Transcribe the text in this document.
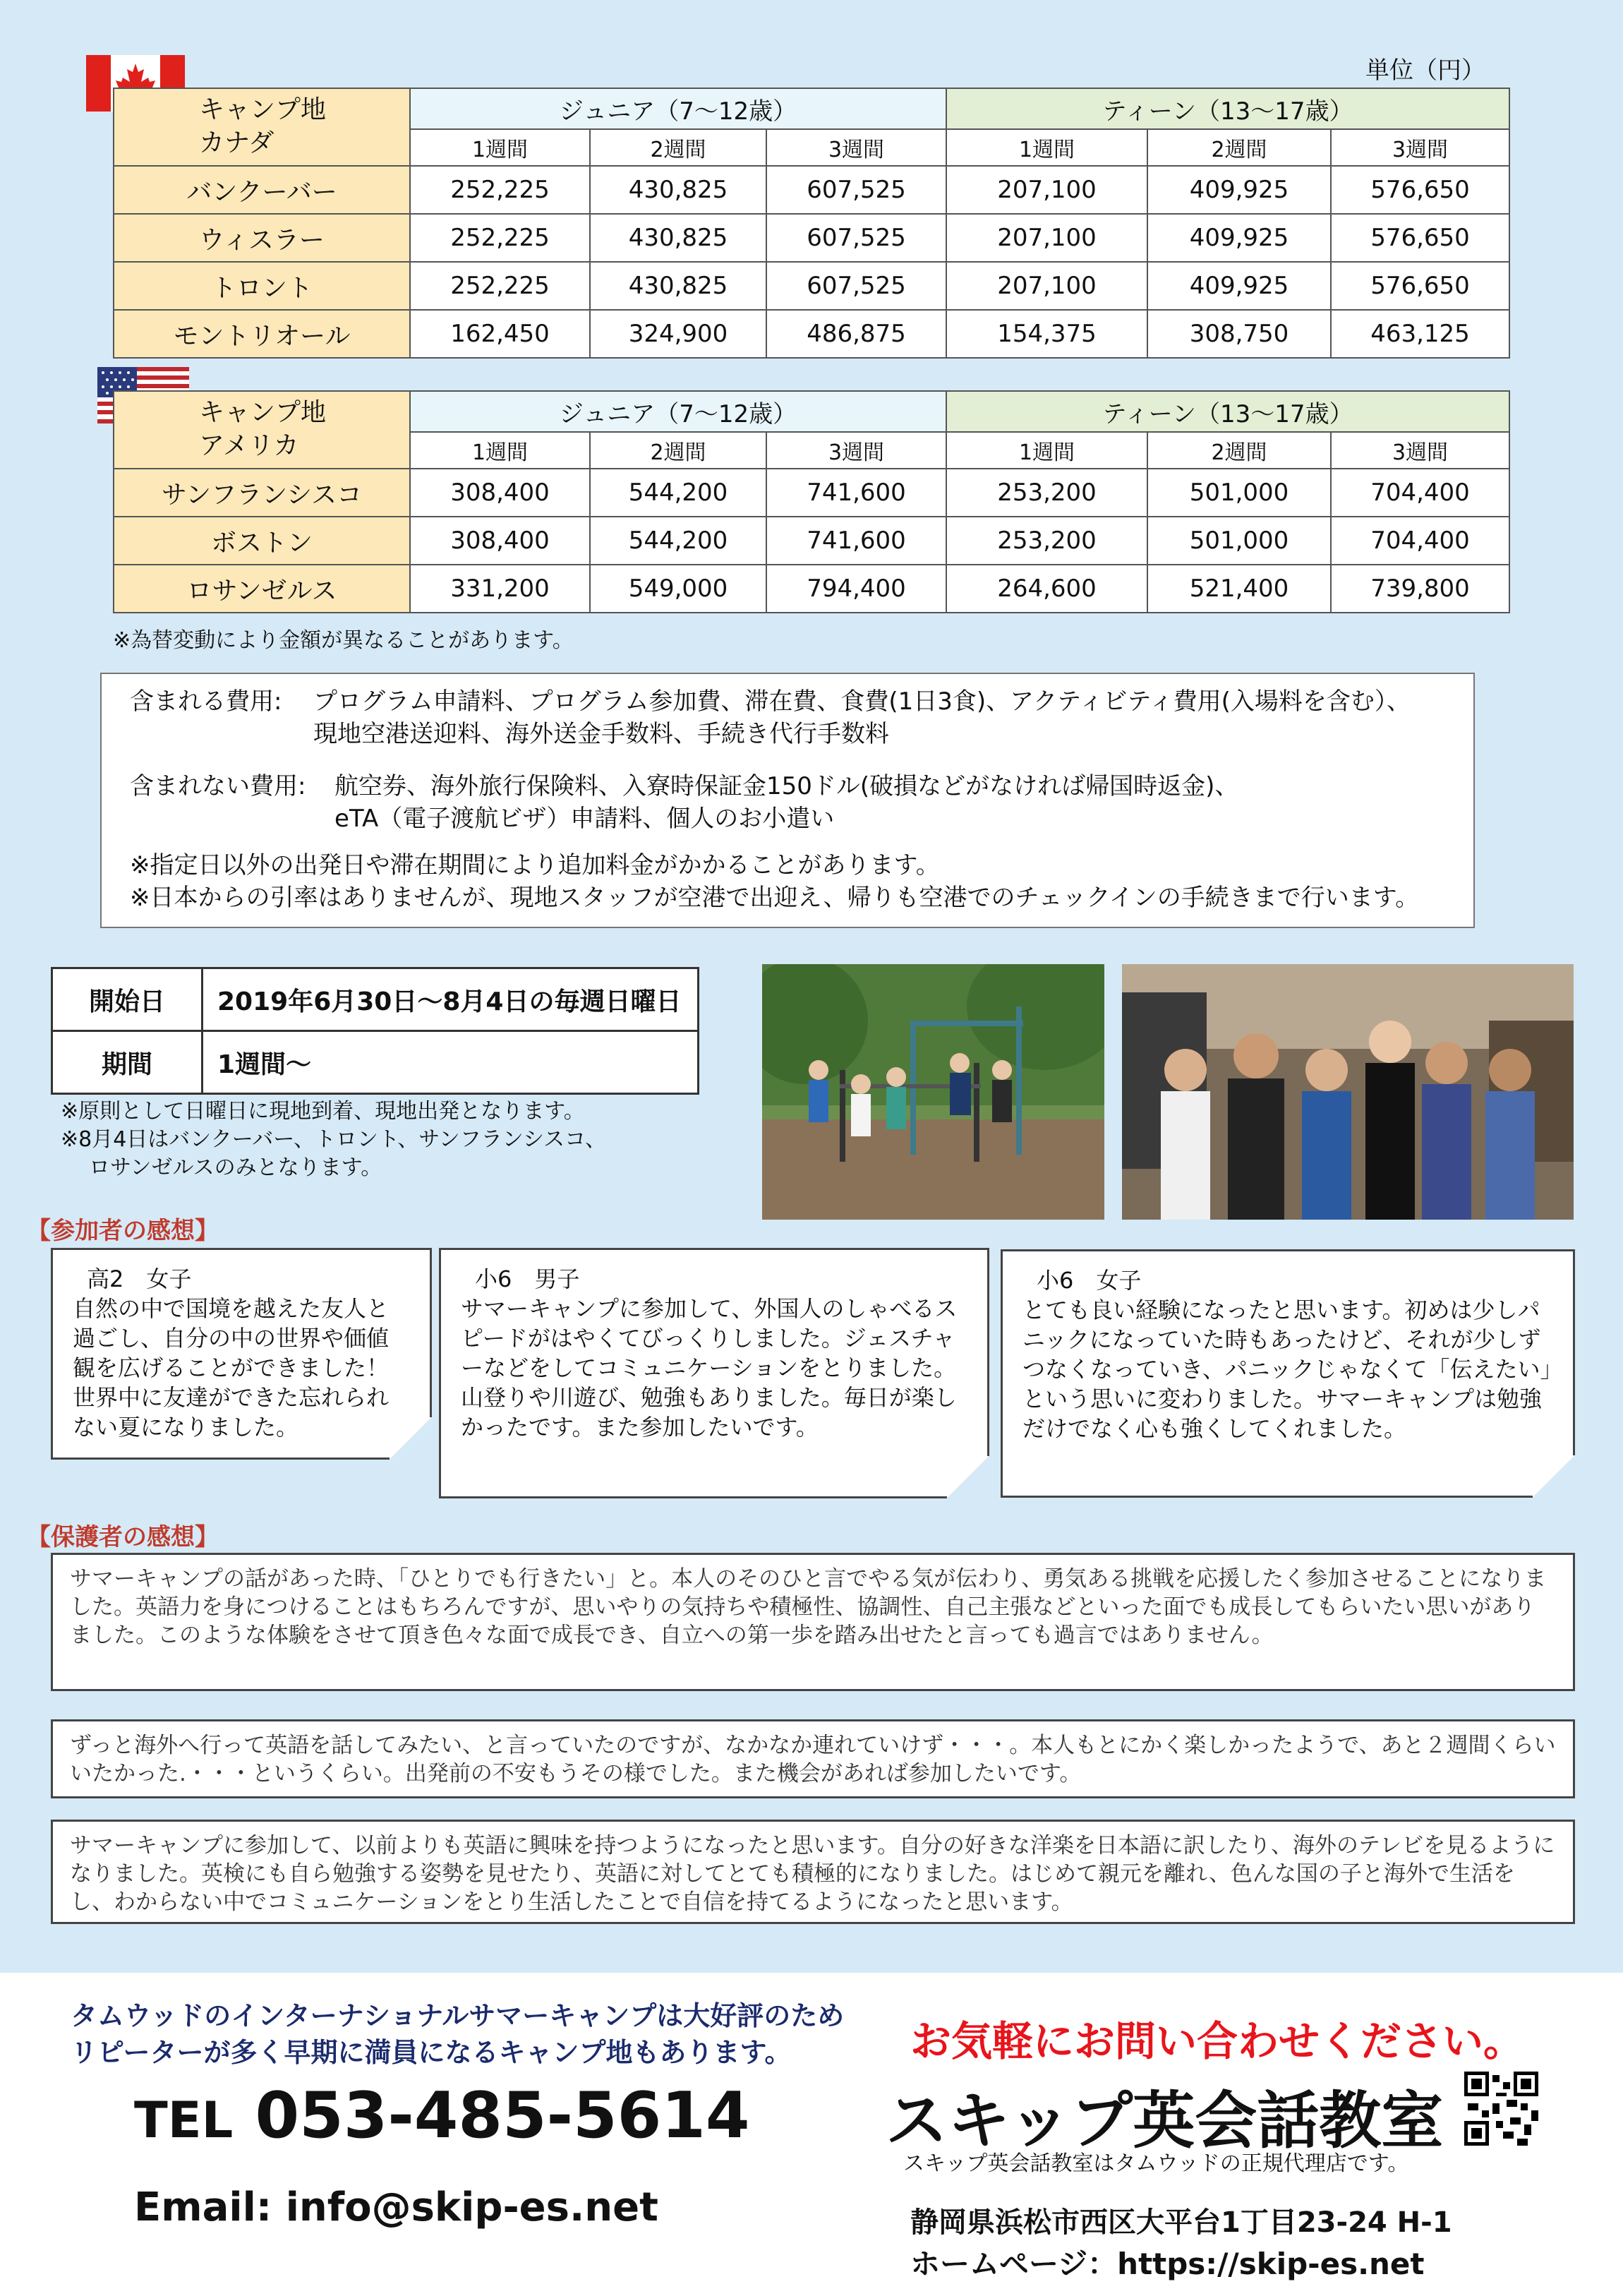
単位（円）
キャンプ地
カナダ	ジュニア（7〜12歳）			ティーン（13〜17歳）		
	1週間	2週間	3週間	1週間	2週間	3週間
バンクーバー	252,225	430,825	607,525	207,100	409,925	576,650
ウィスラー	252,225	430,825	607,525	207,100	409,925	576,650
トロント	252,225	430,825	607,525	207,100	409,925	576,650
モントリオール	162,450	324,900	486,875	154,375	308,750	463,125
キャンプ地
アメリカ	ジュニア（7〜12歳）			ティーン（13〜17歳）		
	1週間	2週間	3週間	1週間	2週間	3週間
サンフランシスコ	308,400	544,200	741,600	253,200	501,000	704,400
ボストン	308,400	544,200	741,600	253,200	501,000	704,400
ロサンゼルス	331,200	549,000	794,400	264,600	521,400	739,800
※為替変動により金額が異なることがあります。
含まれる費用: プログラム申請料、プログラム参加費、滞在費、食費(1日3食)、アクティビティ費用(入場料を含む）、
現地空港送迎料、海外送金手数料、手続き代行手数料
含まれない費用: 航空券、海外旅行保険料、入寮時保証金150ドル(破損などがなければ帰国時返金)、
eTA（電子渡航ビザ）申請料、個人のお小遣い
※指定日以外の出発日や滞在期間により追加料金がかかることがあります。
※日本からの引率はありませんが、現地スタッフが空港で出迎え、帰りも空港でのチェックインの手続きまで行います。
開始日	2019年6月30日～8月4日の毎週日曜日
期間	1週間～
※原則として日曜日に現地到着、現地出発となります。
※8月4日はバンクーバー、トロント、サンフランシスコ、
ロサンゼルスのみとなります。
【参加者の感想】
高2　女子
自然の中で国境を越えた友人と過ごし、自分の中の世界や価値観を広げることができました！世界中に友達ができた忘れられない夏になりました。
小6　男子
サマーキャンプに参加して、外国人のしゃべるスピードがはやくてびっくりしました。ジェスチャーなどをしてコミュニケーションをとりました。山登りや川遊び、勉強もありました。毎日が楽しかったです。また参加したいです。
小6　女子
とても良い経験になったと思います。初めは少しパニックになっていた時もあったけど、それが少しずつなくなっていき、パニックじゃなくて「伝えたい」という思いに変わりました。サマーキャンプは勉強だけでなく心も強くしてくれました。
【保護者の感想】
サマーキャンプの話があった時、「ひとりでも行きたい」と。本人のそのひと言でやる気が伝わり、勇気ある挑戦を応援したく参加させることになりました。英語力を身につけることはもちろんですが、思いやりの気持ちや積極性、協調性、自己主張などといった面でも成長してもらいたい思いがありました。このような体験をさせて頂き色々な面で成長でき、自立への第一歩を踏み出せたと言っても過言ではありません。
ずっと海外へ行って英語を話してみたい、と言っていたのですが、なかなか連れていけず・・・。本人もとにかく楽しかったようで、あと２週間くらいいたかった.・・・というくらい。出発前の不安もうその様でした。また機会があれば参加したいです。
サマーキャンプに参加して、以前よりも英語に興味を持つようになったと思います。自分の好きな洋楽を日本語に訳したり、海外のテレビを見るようになりました。英検にも自ら勉強する姿勢を見せたり、英語に対してとても積極的になりました。はじめて親元を離れ、色んな国の子と海外で生活をし、わからない中でコミュニケーションをとり生活したことで自信を持てるようになったと思います。
タムウッドのインターナショナルサマーキャンプは大好評のため
リピーターが多く早期に満員になるキャンプ地もあります。
TEL 053-485-5614
Email: info@skip-es.net
お気軽にお問い合わせください。
スキップ英会話教室
スキップ英会話教室はタムウッドの正規代理店です。
静岡県浜松市西区大平台1丁目23-24 H-1
ホームページ：https://skip-es.net
